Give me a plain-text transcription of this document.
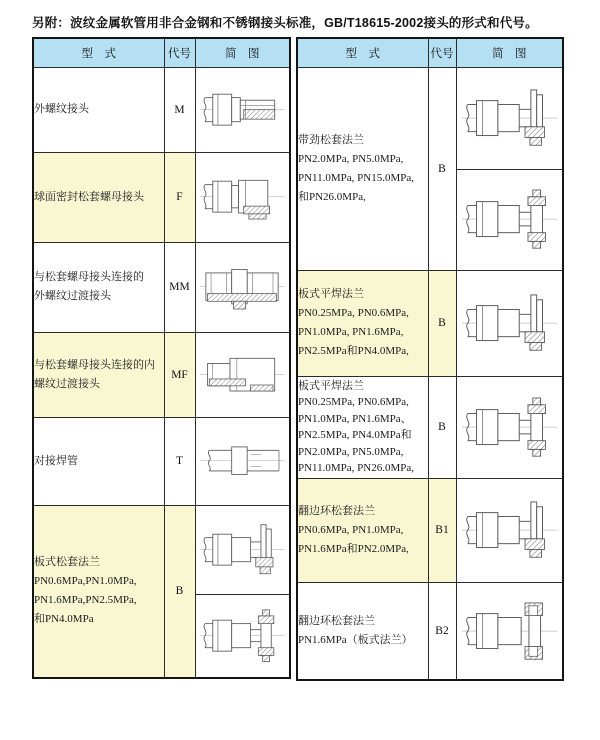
另附：波纹金属软管用非合金钢和不锈钢接头标准，GB/T18615-2002接头的形式和代号。
型　式	代号	简　图

外螺纹接头	M	

球面密封松套螺母接头	F	

与松套螺母接头连接的
外螺纹过渡接头	MM	

与松套螺母接头连接的内
螺纹过渡接头	MF	

对接焊管	T	

板式松套法兰
PN0.6MPa,PN1.0MPa,
PN1.6MPa,PN2.5MPa,
和PN4.0MPa	B	

型　式	代号	简　图

带劲松套法兰
PN2.0MPa, PN5.0MPa,
PN11.0MPa, PN15.0MPa,
和PN26.0MPa,	B	

板式平焊法兰
PN0.25MPa, PN0.6MPa,
PN1.0MPa, PN1.6MPa,
PN2.5MPa和PN4.0MPa,	B	

板式平焊法兰
PN0.25MPa, PN0.6MPa,
PN1.0MPa, PN1.6MPa、
PN2.5MPa, PN4.0MPa和
PN2.0MPa, PN5.0MPa,
PN11.0MPa, PN26.0MPa,
	B	

翻边环松套法兰
PN0.6MPa, PN1.0MPa,
PN1.6MPa和PN2.0MPa,	B1	

翻边环松套法兰
PN1.6MPa（板式法兰）	B2	
